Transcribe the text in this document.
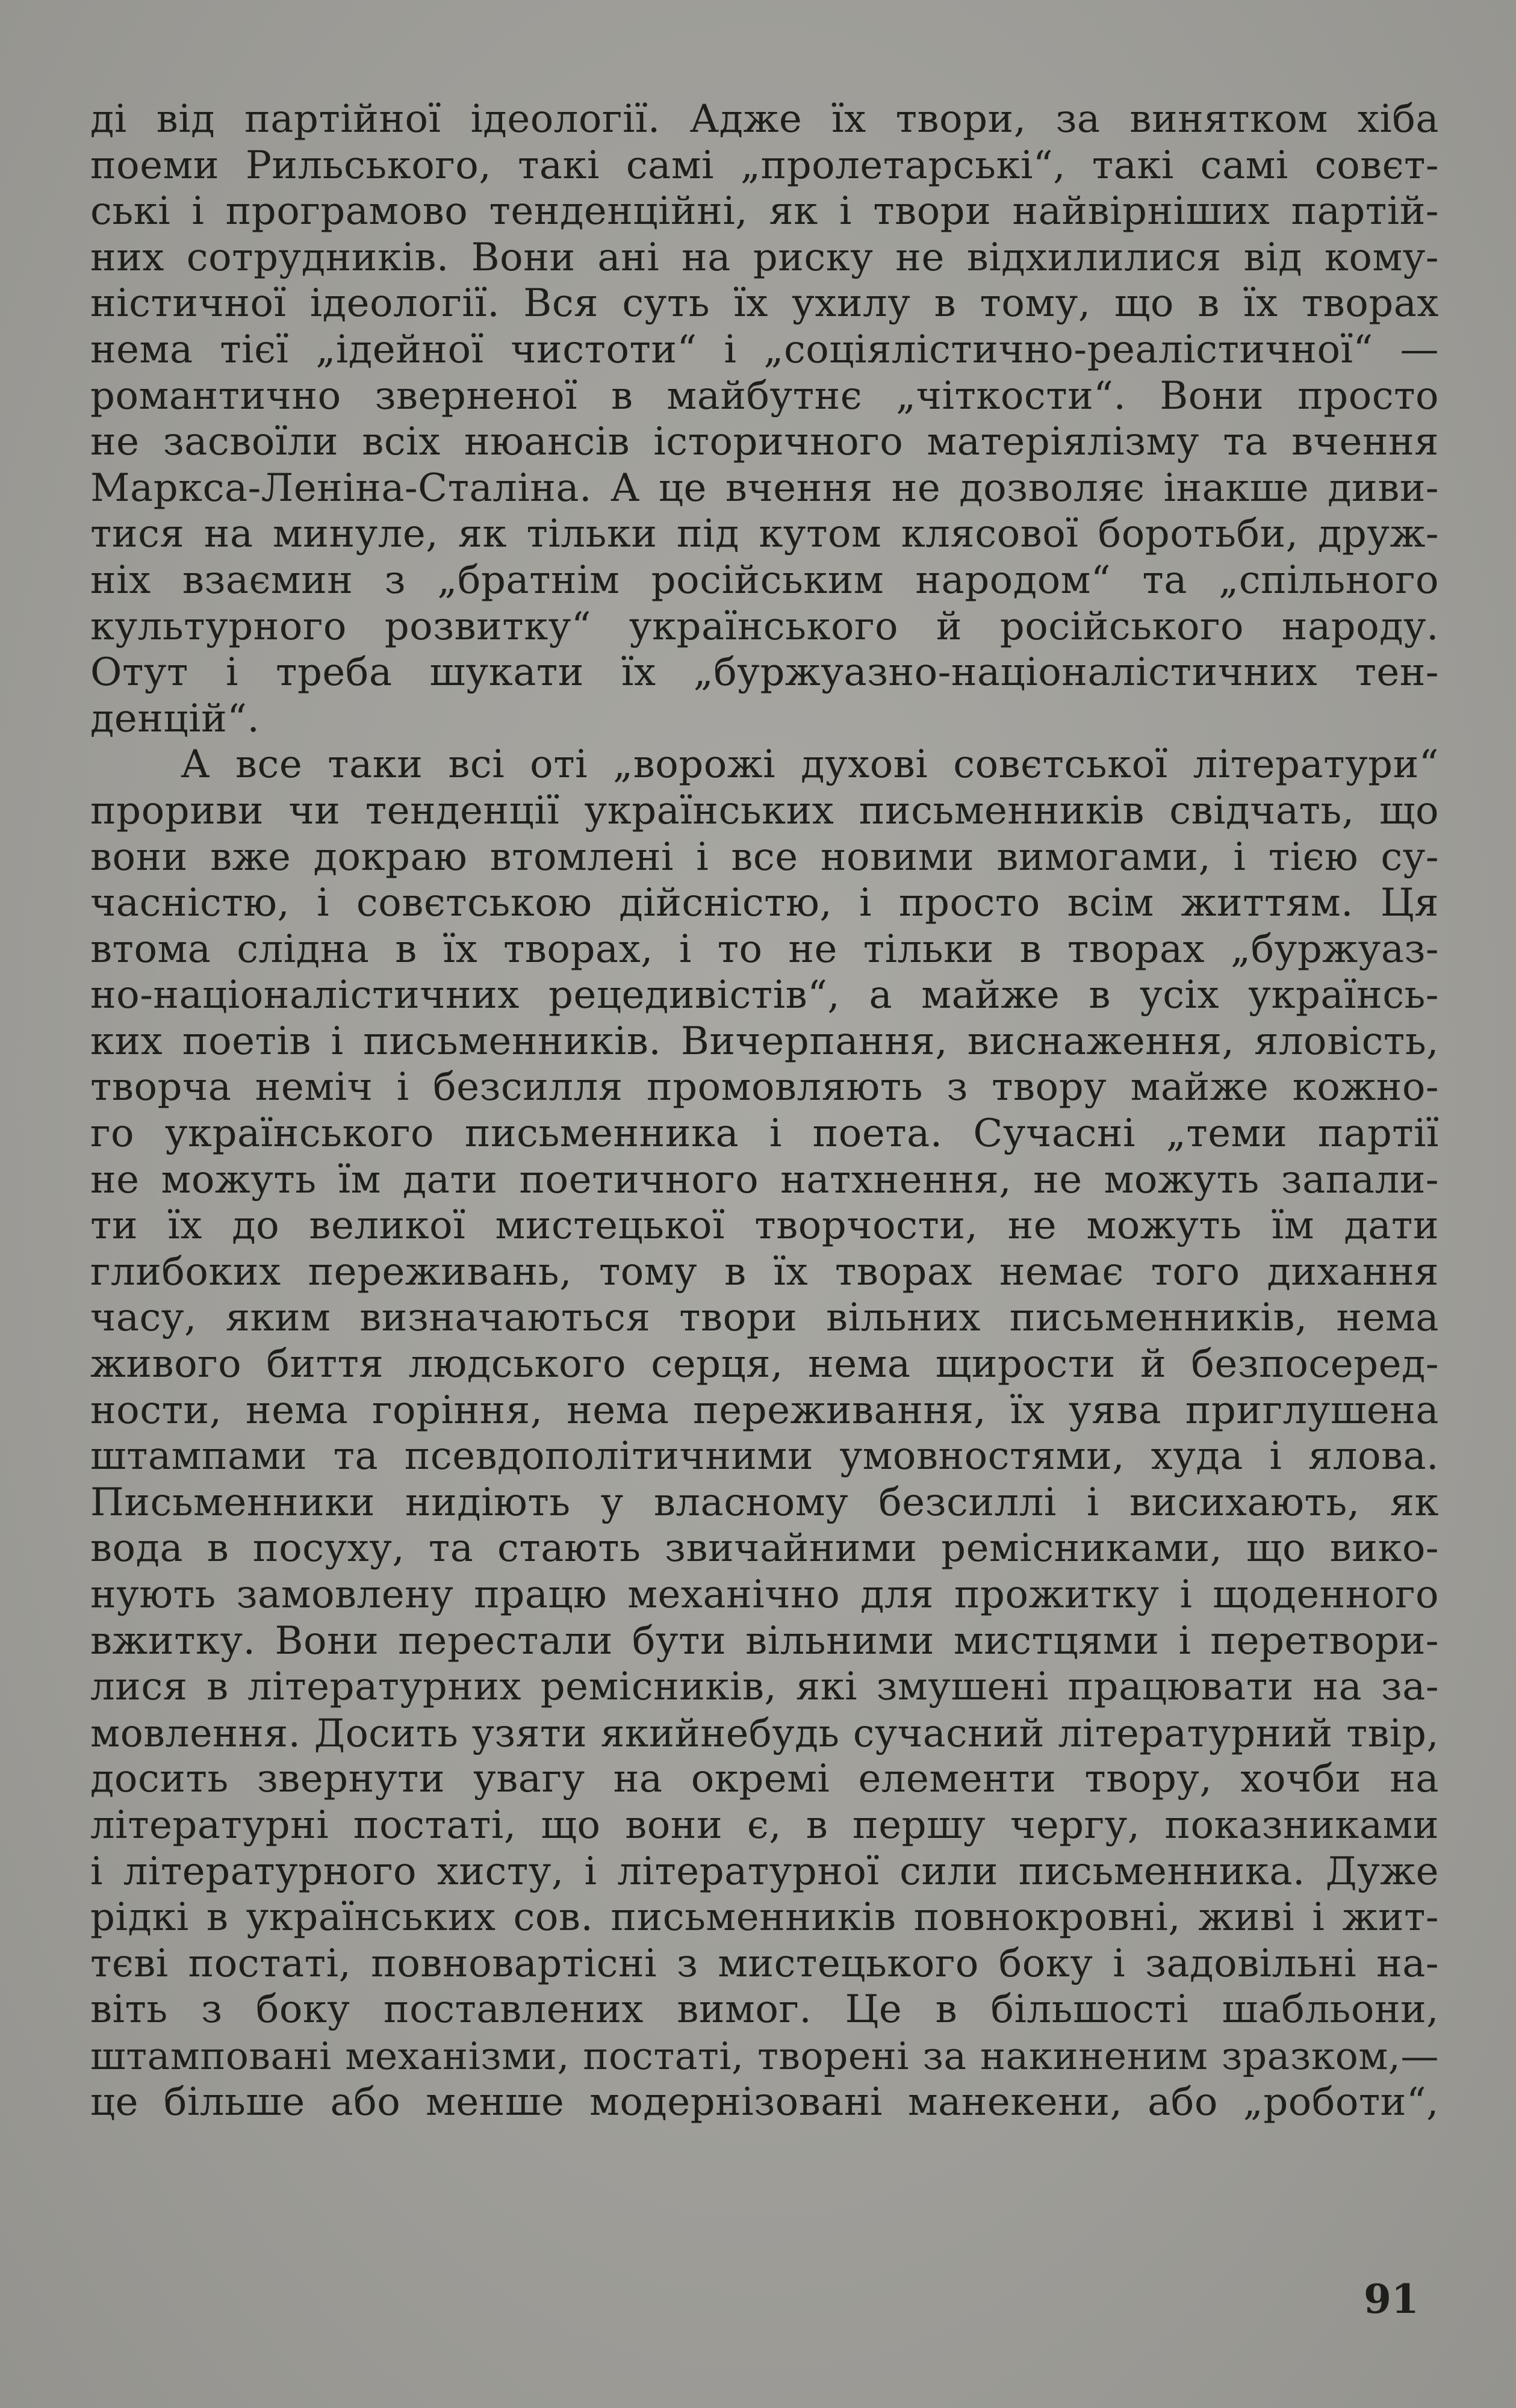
ді від партійної ідеології. Адже їх твори, за винятком хіба
поеми Рильського, такі самі „пролетарські“, такі самі совєт-
ські і програмово тенденційні, як і твори найвірніших партій-
них сотрудників. Вони ані на риску не відхилилися від кому-
ністичної ідеології. Вся суть їх ухилу в тому, що в їх творах
нема тієї „ідейної чистоти“ і „соціялістично-реалістичної“ —
романтично зверненої в майбутнє „чіткости“. Вони просто
не засвоїли всіх нюансів історичного матеріялізму та вчення
Маркса-Леніна-Сталіна. А це вчення не дозволяє інакше диви-
тися на минуле, як тільки під кутом клясової боротьби, друж-
ніх взаємин з „братнім російським народом“ та „спільного
культурного розвитку“ українського й російського народу.
Отут і треба шукати їх „буржуазно-націоналістичних тен-
денцій“.
А все таки всі оті „ворожі духові совєтської літератури“
прориви чи тенденції українських письменників свідчать, що
вони вже докраю втомлені і все новими вимогами, і тією су-
часністю, і совєтською дійсністю, і просто всім життям. Ця
втома слідна в їх творах, і то не тільки в творах „буржуаз-
но-націоналістичних рецедивістів“, а майже в усіх українсь-
ких поетів і письменників. Вичерпання, виснаження, яловість,
творча неміч і безсилля промовляють з твору майже кожно-
го українського письменника і поета. Сучасні „теми партії
не можуть їм дати поетичного натхнення, не можуть запали-
ти їх до великої мистецької творчости, не можуть їм дати
глибоких переживань, тому в їх творах немає того дихання
часу, яким визначаються твори вільних письменників, нема
живого биття людського серця, нема щирости й безпосеред-
ности, нема горіння, нема переживання, їх уява приглушена
штампами та псевдополітичними умовностями, худа і ялова.
Письменники нидіють у власному безсиллі і висихають, як
вода в посуху, та стають звичайними ремісниками, що вико-
нують замовлену працю механічно для прожитку і щоденного
вжитку. Вони перестали бути вільними мистцями і перетвори-
лися в літературних ремісників, які змушені працювати на за-
мовлення. Досить узяти якийнебудь сучасний літературний твір,
досить звернути увагу на окремі елементи твору, хочби на
літературні постаті, що вони є, в першу чергу, показниками
і літературного хисту, і літературної сили письменника. Дуже
рідкі в українських сов. письменників повнокровні, живі і жит-
тєві постаті, повновартісні з мистецького боку і задовільні на-
віть з боку поставлених вимог. Це в більшості шабльони,
штамповані механізми, постаті, творені за накиненим зразком,—
це більше або менше модернізовані манекени, або „роботи“,
91
